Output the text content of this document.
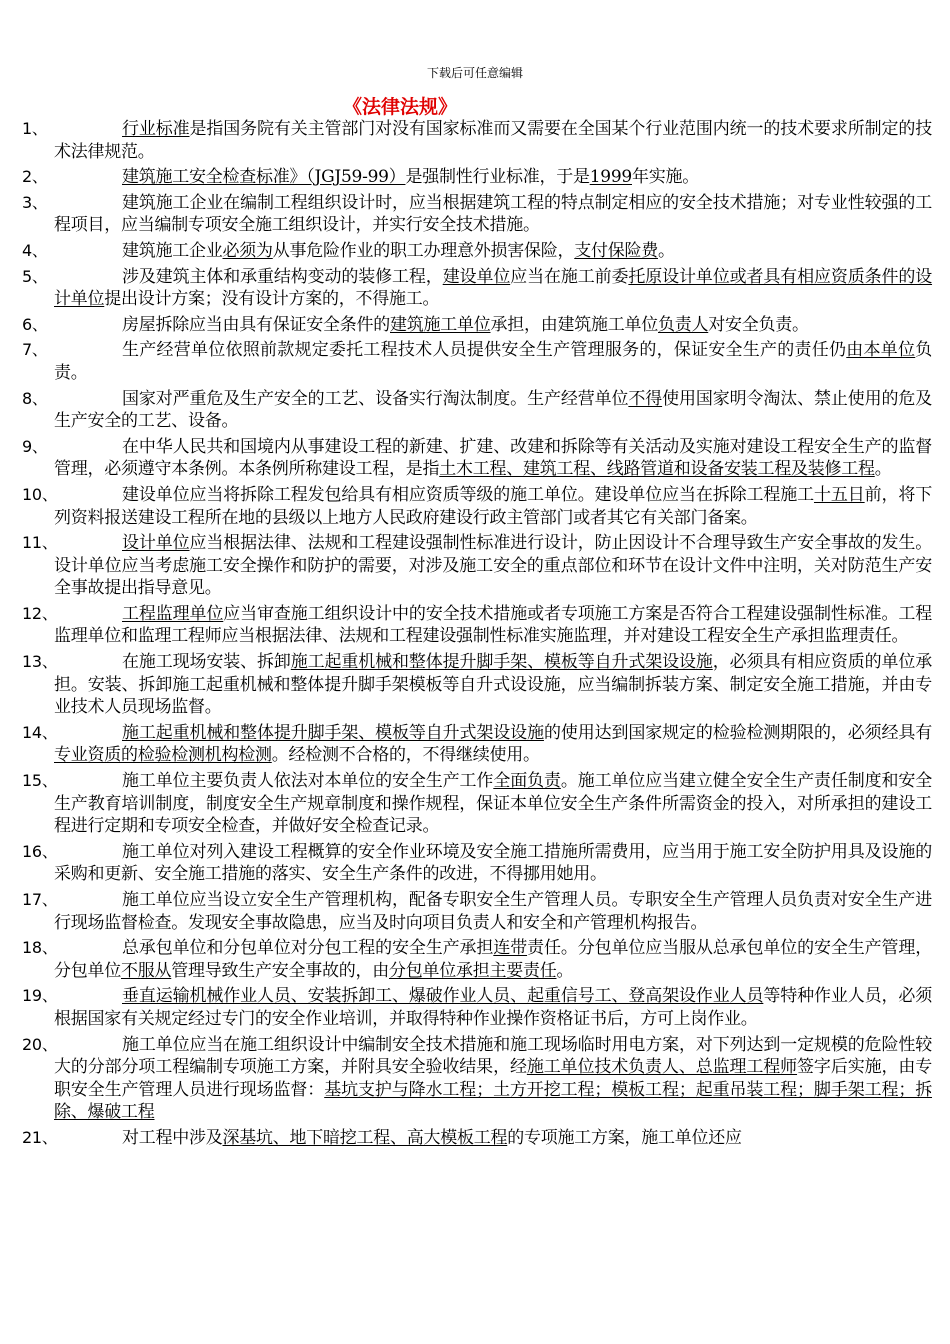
下载后可任意编辑
《法律法规》
1、	行业标准是指国务院有关主管部门对没有国家标准而又需要在全国某个行业范围内统一的技术要求所制定的技术法律规范。
2、	建筑施工安全检查标准》（JGJ59-99）是强制性行业标准，于是1999年实施。
3、	建筑施工企业在编制工程组织设计时，应当根据建筑工程的特点制定相应的安全技术措施；对专业性较强的工程项目，应当编制专项安全施工组织设计，并实行安全技术措施。
4、	建筑施工企业必须为从事危险作业的职工办理意外损害保险，支付保险费。
5、	涉及建筑主体和承重结构变动的装修工程，建设单位应当在施工前委托原设计单位或者具有相应资质条件的设计单位提出设计方案；没有设计方案的，不得施工。
6、	房屋拆除应当由具有保证安全条件的建筑施工单位承担，由建筑施工单位负责人对安全负责。
7、	生产经营单位依照前款规定委托工程技术人员提供安全生产管理服务的，保证安全生产的责任仍由本单位负责。
8、	国家对严重危及生产安全的工艺、设备实行淘汰制度。生产经营单位不得使用国家明令淘汰、禁止使用的危及生产安全的工艺、设备。
9、	在中华人民共和国境内从事建设工程的新建、扩建、改建和拆除等有关活动及实施对建设工程安全生产的监督管理，必须遵守本条例。本条例所称建设工程，是指土木工程、建筑工程、线路管道和设备安装工程及装修工程。
10、	建设单位应当将拆除工程发包给具有相应资质等级的施工单位。建设单位应当在拆除工程施工十五日前，将下列资料报送建设工程所在地的县级以上地方人民政府建设行政主管部门或者其它有关部门备案。
11、	设计单位应当根据法律、法规和工程建设强制性标准进行设计，防止因设计不合理导致生产安全事故的发生。设计单位应当考虑施工安全操作和防护的需要，对涉及施工安全的重点部位和环节在设计文件中注明，关对防范生产安全事故提出指导意见。
12、	工程监理单位应当审查施工组织设计中的安全技术措施或者专项施工方案是否符合工程建设强制性标准。工程监理单位和监理工程师应当根据法律、法规和工程建设强制性标准实施监理，并对建设工程安全生产承担监理责任。
13、	在施工现场安装、拆卸施工起重机械和整体提升脚手架、模板等自升式架设设施，必须具有相应资质的单位承担。安装、拆卸施工起重机械和整体提升脚手架模板等自升式设设施，应当编制拆装方案、制定安全施工措施，并由专业技术人员现场监督。
14、	施工起重机械和整体提升脚手架、模板等自升式架设设施的使用达到国家规定的检验检测期限的，必须经具有专业资质的检验检测机构检测。经检测不合格的，不得继续使用。
15、	施工单位主要负责人依法对本单位的安全生产工作全面负责。施工单位应当建立健全安全生产责任制度和安全生产教育培训制度，制度安全生产规章制度和操作规程，保证本单位安全生产条件所需资金的投入，对所承担的建设工程进行定期和专项安全检查，并做好安全检查记录。
16、	施工单位对列入建设工程概算的安全作业环境及安全施工措施所需费用，应当用于施工安全防护用具及设施的采购和更新、安全施工措施的落实、安全生产条件的改进，不得挪用她用。
17、	施工单位应当设立安全生产管理机构，配备专职安全生产管理人员。专职安全生产管理人员负责对安全生产进行现场监督检查。发现安全事故隐患，应当及时向项目负责人和安全和产管理机构报告。
18、	总承包单位和分包单位对分包工程的安全生产承担连带责任。分包单位应当服从总承包单位的安全生产管理，分包单位不服从管理导致生产安全事故的，由分包单位承担主要责任。
19、	垂直运输机械作业人员、安装拆卸工、爆破作业人员、起重信号工、登高架设作业人员等特种作业人员，必须根据国家有关规定经过专门的安全作业培训，并取得特种作业操作资格证书后，方可上岗作业。
20、	施工单位应当在施工组织设计中编制安全技术措施和施工现场临时用电方案，对下列达到一定规模的危险性较大的分部分项工程编制专项施工方案，并附具安全验收结果，经施工单位技术负责人、总监理工程师签字后实施，由专职安全生产管理人员进行现场监督：基坑支护与降水工程；土方开挖工程；模板工程；起重吊装工程；脚手架工程；拆除、爆破工程
21、	对工程中涉及深基坑、地下暗挖工程、高大模板工程的专项施工方案，施工单位还应
